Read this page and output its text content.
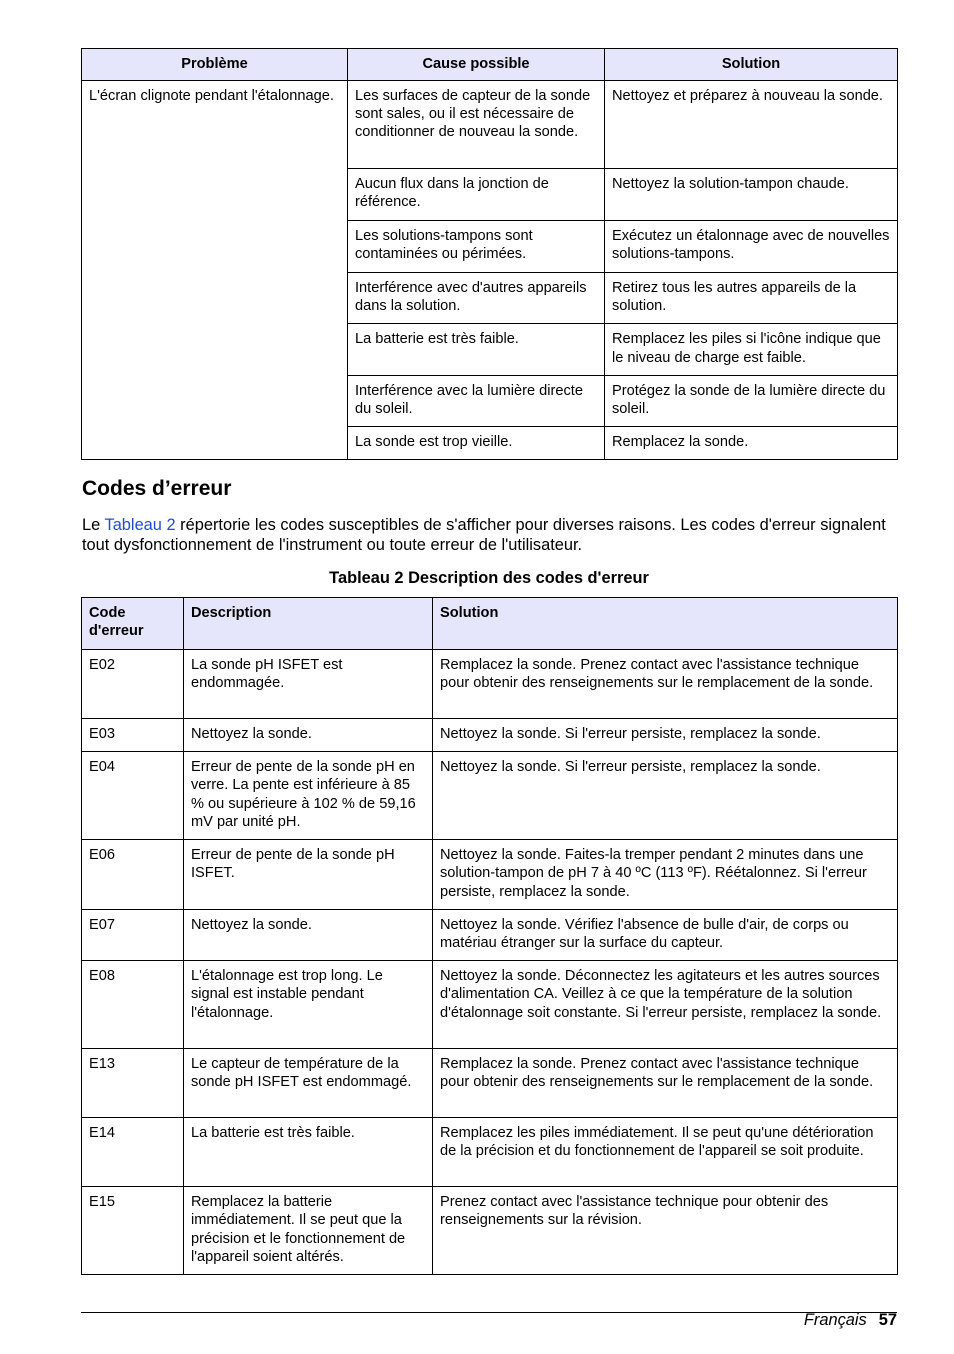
Problème	Cause possible	Solution
L'écran clignote pendant l'étalonnage.	Les surfaces de capteur de la sonde sont sales, ou il est nécessaire de conditionner de nouveau la sonde.	Nettoyez et préparez à nouveau la sonde.
	Aucun flux dans la jonction de référence.	Nettoyez la solution-tampon chaude.
	Les solutions-tampons sont contaminées ou périmées.	Exécutez un étalonnage avec de nouvelles solutions-tampons.
	Interférence avec d'autres appareils dans la solution.	Retirez tous les autres appareils de la solution.
	La batterie est très faible.	Remplacez les piles si l'icône indique que le niveau de charge est faible.
	Interférence avec la lumière directe du soleil.	Protégez la sonde de la lumière directe du soleil.
	La sonde est trop vieille.	Remplacez la sonde.
Codes d’erreur

Le Tableau 2 répertorie les codes susceptibles de s'afficher pour diverses raisons. Les codes d'erreur signalent tout dysfonctionnement de l'instrument ou toute erreur de l'utilisateur.

Tableau 2 Description des codes d'erreur

Code d'erreur	Description	Solution
E02	La sonde pH ISFET est endommagée.	Remplacez la sonde. Prenez contact avec l'assistance technique pour obtenir des renseignements sur le remplacement de la sonde.
E03	Nettoyez la sonde.	Nettoyez la sonde. Si l'erreur persiste, remplacez la sonde.
E04	Erreur de pente de la sonde pH en verre. La pente est inférieure à 85 % ou supérieure à 102 % de 59,16 mV par unité pH.	Nettoyez la sonde. Si l'erreur persiste, remplacez la sonde.
E06	Erreur de pente de la sonde pH ISFET.	Nettoyez la sonde. Faites-la tremper pendant 2 minutes dans une solution-tampon de pH 7 à 40 ºC (113 ºF). Réétalonnez. Si l'erreur persiste, remplacez la sonde.
E07	Nettoyez la sonde.	Nettoyez la sonde. Vérifiez l'absence de bulle d'air, de corps ou matériau étranger sur la surface du capteur.
E08	L'étalonnage est trop long. Le signal est instable pendant l'étalonnage.	Nettoyez la sonde. Déconnectez les agitateurs et les autres sources d'alimentation CA. Veillez à ce que la température de la solution d'étalonnage soit constante. Si l'erreur persiste, remplacez la sonde.
E13	Le capteur de température de la sonde pH ISFET est endommagé.	Remplacez la sonde. Prenez contact avec l'assistance technique pour obtenir des renseignements sur le remplacement de la sonde.
E14	La batterie est très faible.	Remplacez les piles immédiatement. Il se peut qu'une détérioration de la précision et du fonctionnement de l'appareil se soit produite.
E15	Remplacez la batterie immédiatement. Il se peut que la précision et le fonctionnement de l'appareil soient altérés.	Prenez contact avec l'assistance technique pour obtenir des renseignements sur la révision.
Français 57
